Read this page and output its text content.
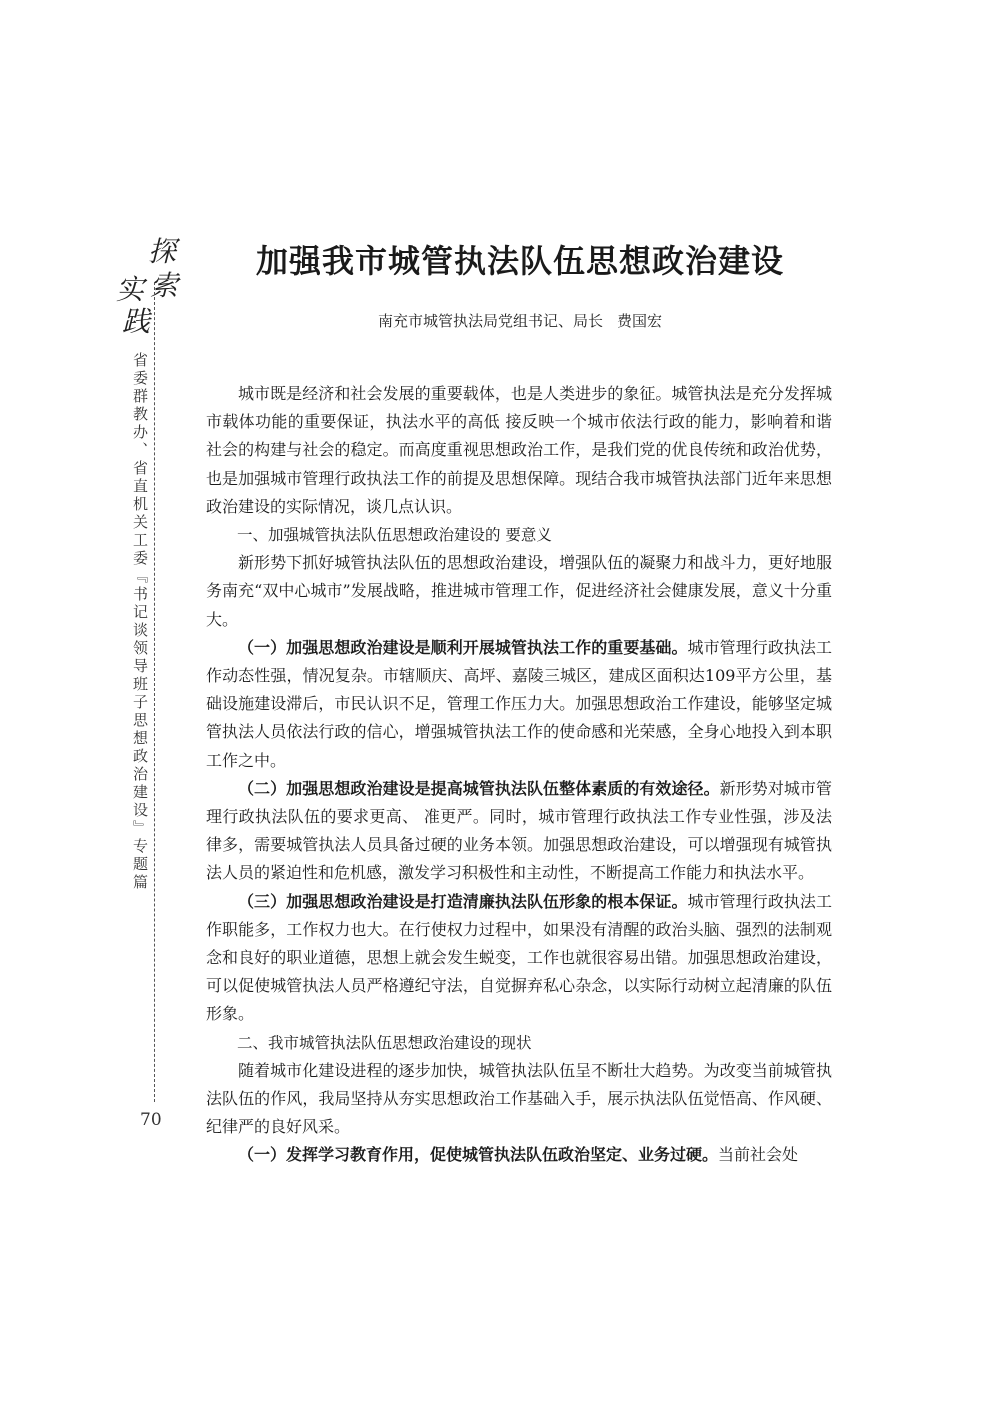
探
索
实
践
省委群教办、省直机关工委『书记谈领导班子思想政治建设』专题篇
70
加强我市城管执法队伍思想政治建设
南充市城管执法局党组书记、局长 费国宏

城市既是经济和社会发展的重要载体，也是人类进步的象征。城管执法是充分发挥城市载体功能的重要保证，执法水平的高低 接反映一个城市依法行政的能力，影响着和谐社会的构建与社会的稳定。而高度重视思想政治工作，是我们党的优良传统和政治优势，也是加强城市管理行政执法工作的前提及思想保障。现结合我市城管执法部门近年来思想政治建设的实际情况，谈几点认识。

一、加强城管执法队伍思想政治建设的 要意义

新形势下抓好城管执法队伍的思想政治建设，增强队伍的凝聚力和战斗力，更好地服务南充“双中心城市”发展战略，推进城市管理工作，促进经济社会健康发展，意义十分重大。

（一）加强思想政治建设是顺利开展城管执法工作的重要基础。城市管理行政执法工作动态性强，情况复杂。市辖顺庆、高坪、嘉陵三城区，建成区面积达109平方公里，基础设施建设滞后，市民认识不足，管理工作压力大。加强思想政治工作建设，能够坚定城管执法人员依法行政的信心，增强城管执法工作的使命感和光荣感，全身心地投入到本职工作之中。

（二）加强思想政治建设是提高城管执法队伍整体素质的有效途径。新形势对城市管理行政执法队伍的要求更高、 准更严。同时，城市管理行政执法工作专业性强，涉及法律多，需要城管执法人员具备过硬的业务本领。加强思想政治建设，可以增强现有城管执法人员的紧迫性和危机感，激发学习积极性和主动性，不断提高工作能力和执法水平。

（三）加强思想政治建设是打造清廉执法队伍形象的根本保证。城市管理行政执法工作职能多，工作权力也大。在行使权力过程中，如果没有清醒的政治头脑、强烈的法制观念和良好的职业道德，思想上就会发生蜕变，工作也就很容易出错。加强思想政治建设，可以促使城管执法人员严格遵纪守法，自觉摒弃私心杂念，以实际行动树立起清廉的队伍形象。

二、我市城管执法队伍思想政治建设的现状

随着城市化建设进程的逐步加快，城管执法队伍呈不断壮大趋势。为改变当前城管执法队伍的作风，我局坚持从夯实思想政治工作基础入手，展示执法队伍觉悟高、作风硬、纪律严的良好风采。

（一）发挥学习教育作用，促使城管执法队伍政治坚定、业务过硬。当前社会处
